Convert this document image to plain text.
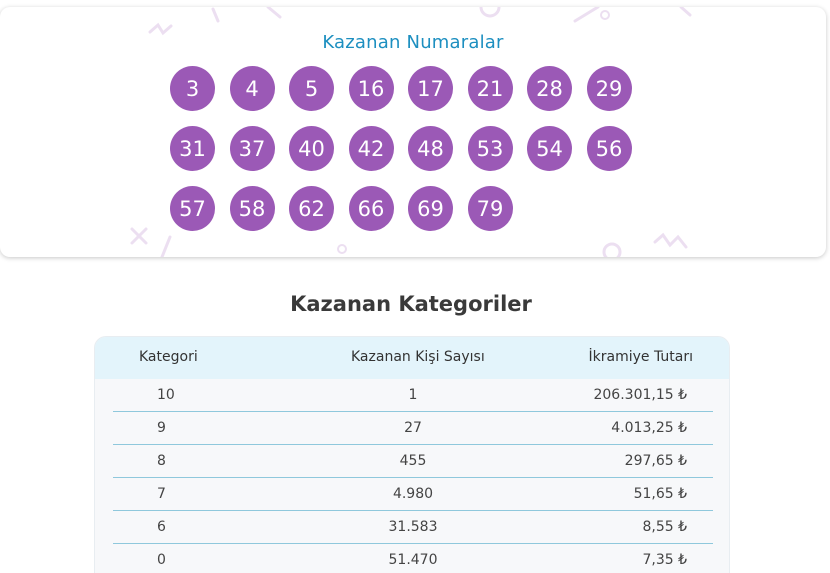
Kazanan Numaralar
3	4	5	16	17	21	28	29
31	37	40	42	48	53	54	56
57	58	62	66	69	79
Kazanan Kategoriler
Kategori	Kazanan Kişi Sayısı	İkramiye Tutarı
10	1	206.301,15 ₺
9	27	4.013,25 ₺
8	455	297,65 ₺
7	4.980	51,65 ₺
6	31.583	8,55 ₺
0	51.470	7,35 ₺
